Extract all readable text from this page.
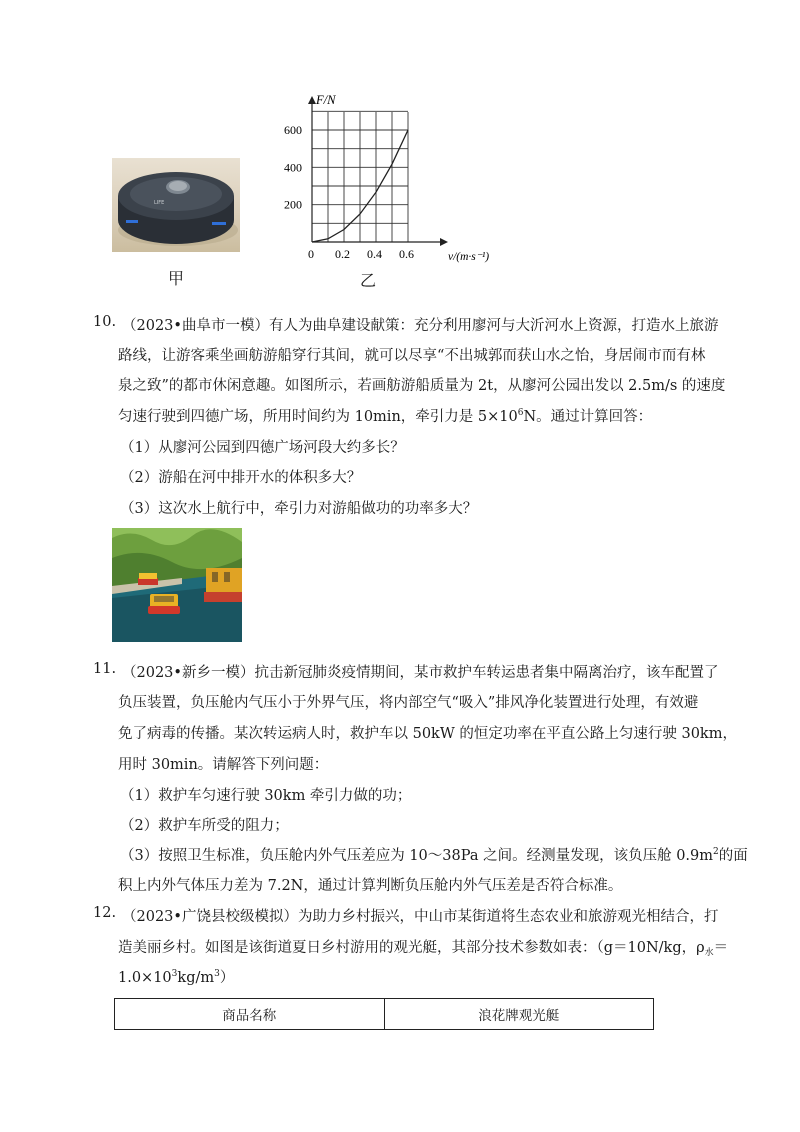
LIFE
甲
0 0.2 0.4 0.6
200
400
600
F/N
v/(m·s⁻¹)
乙
10. （2023•曲阜市一模）有人为曲阜建设献策：充分利用廖河与大沂河水上资源，打造水上旅游
路线，让游客乘坐画舫游船穿行其间，就可以尽享“不出城郭而获山水之怡，身居闹市而有林
泉之致”的都市休闲意趣。如图所示，若画舫游船质量为 2t，从廖河公园出发以 2.5m/s 的速度
匀速行驶到四德广场，所用时间约为 10min，牵引力是 $5\times 10^6N$。通过计算回答：
（1）从廖河公园到四德广场河段大约多长？
（2）游船在河中排开水的体积多大？
（3）这次水上航行中，牵引力对游船做功的功率多大？
11. （2023•新乡一模）抗击新冠肺炎疫情期间，某市救护车转运患者集中隔离治疗，该车配置了
负压装置，负压舱内气压小于外界气压，将内部空气“吸入”排风净化装置进行处理，有效避
免了病毒的传播。某次转运病人时，救护车以 50kW 的恒定功率在平直公路上匀速行驶 30km，
用时 30min。请解答下列问题：
（1）救护车匀速行驶 30km 牵引力做的功；
（2）救护车所受的阻力；
（3）按照卫生标准，负压舱内外气压差应为 10～38Pa 之间。经测量发现，该负压舱 $0.9m^2$的面
积上内外气体压力差为 7.2N，通过计算判断负压舱内外气压差是否符合标准。
12. （2023•广饶县校级模拟）为助力乡村振兴，中山市某街道将生态农业和旅游观光相结合，打
造美丽乡村。如图是该街道夏日乡村游用的观光艇，其部分技术参数如表：（g＝10N/kg，$\rho_水=$
$1.0\times 10^3kg/m^3$）
商品名称	浪花牌观光艇
